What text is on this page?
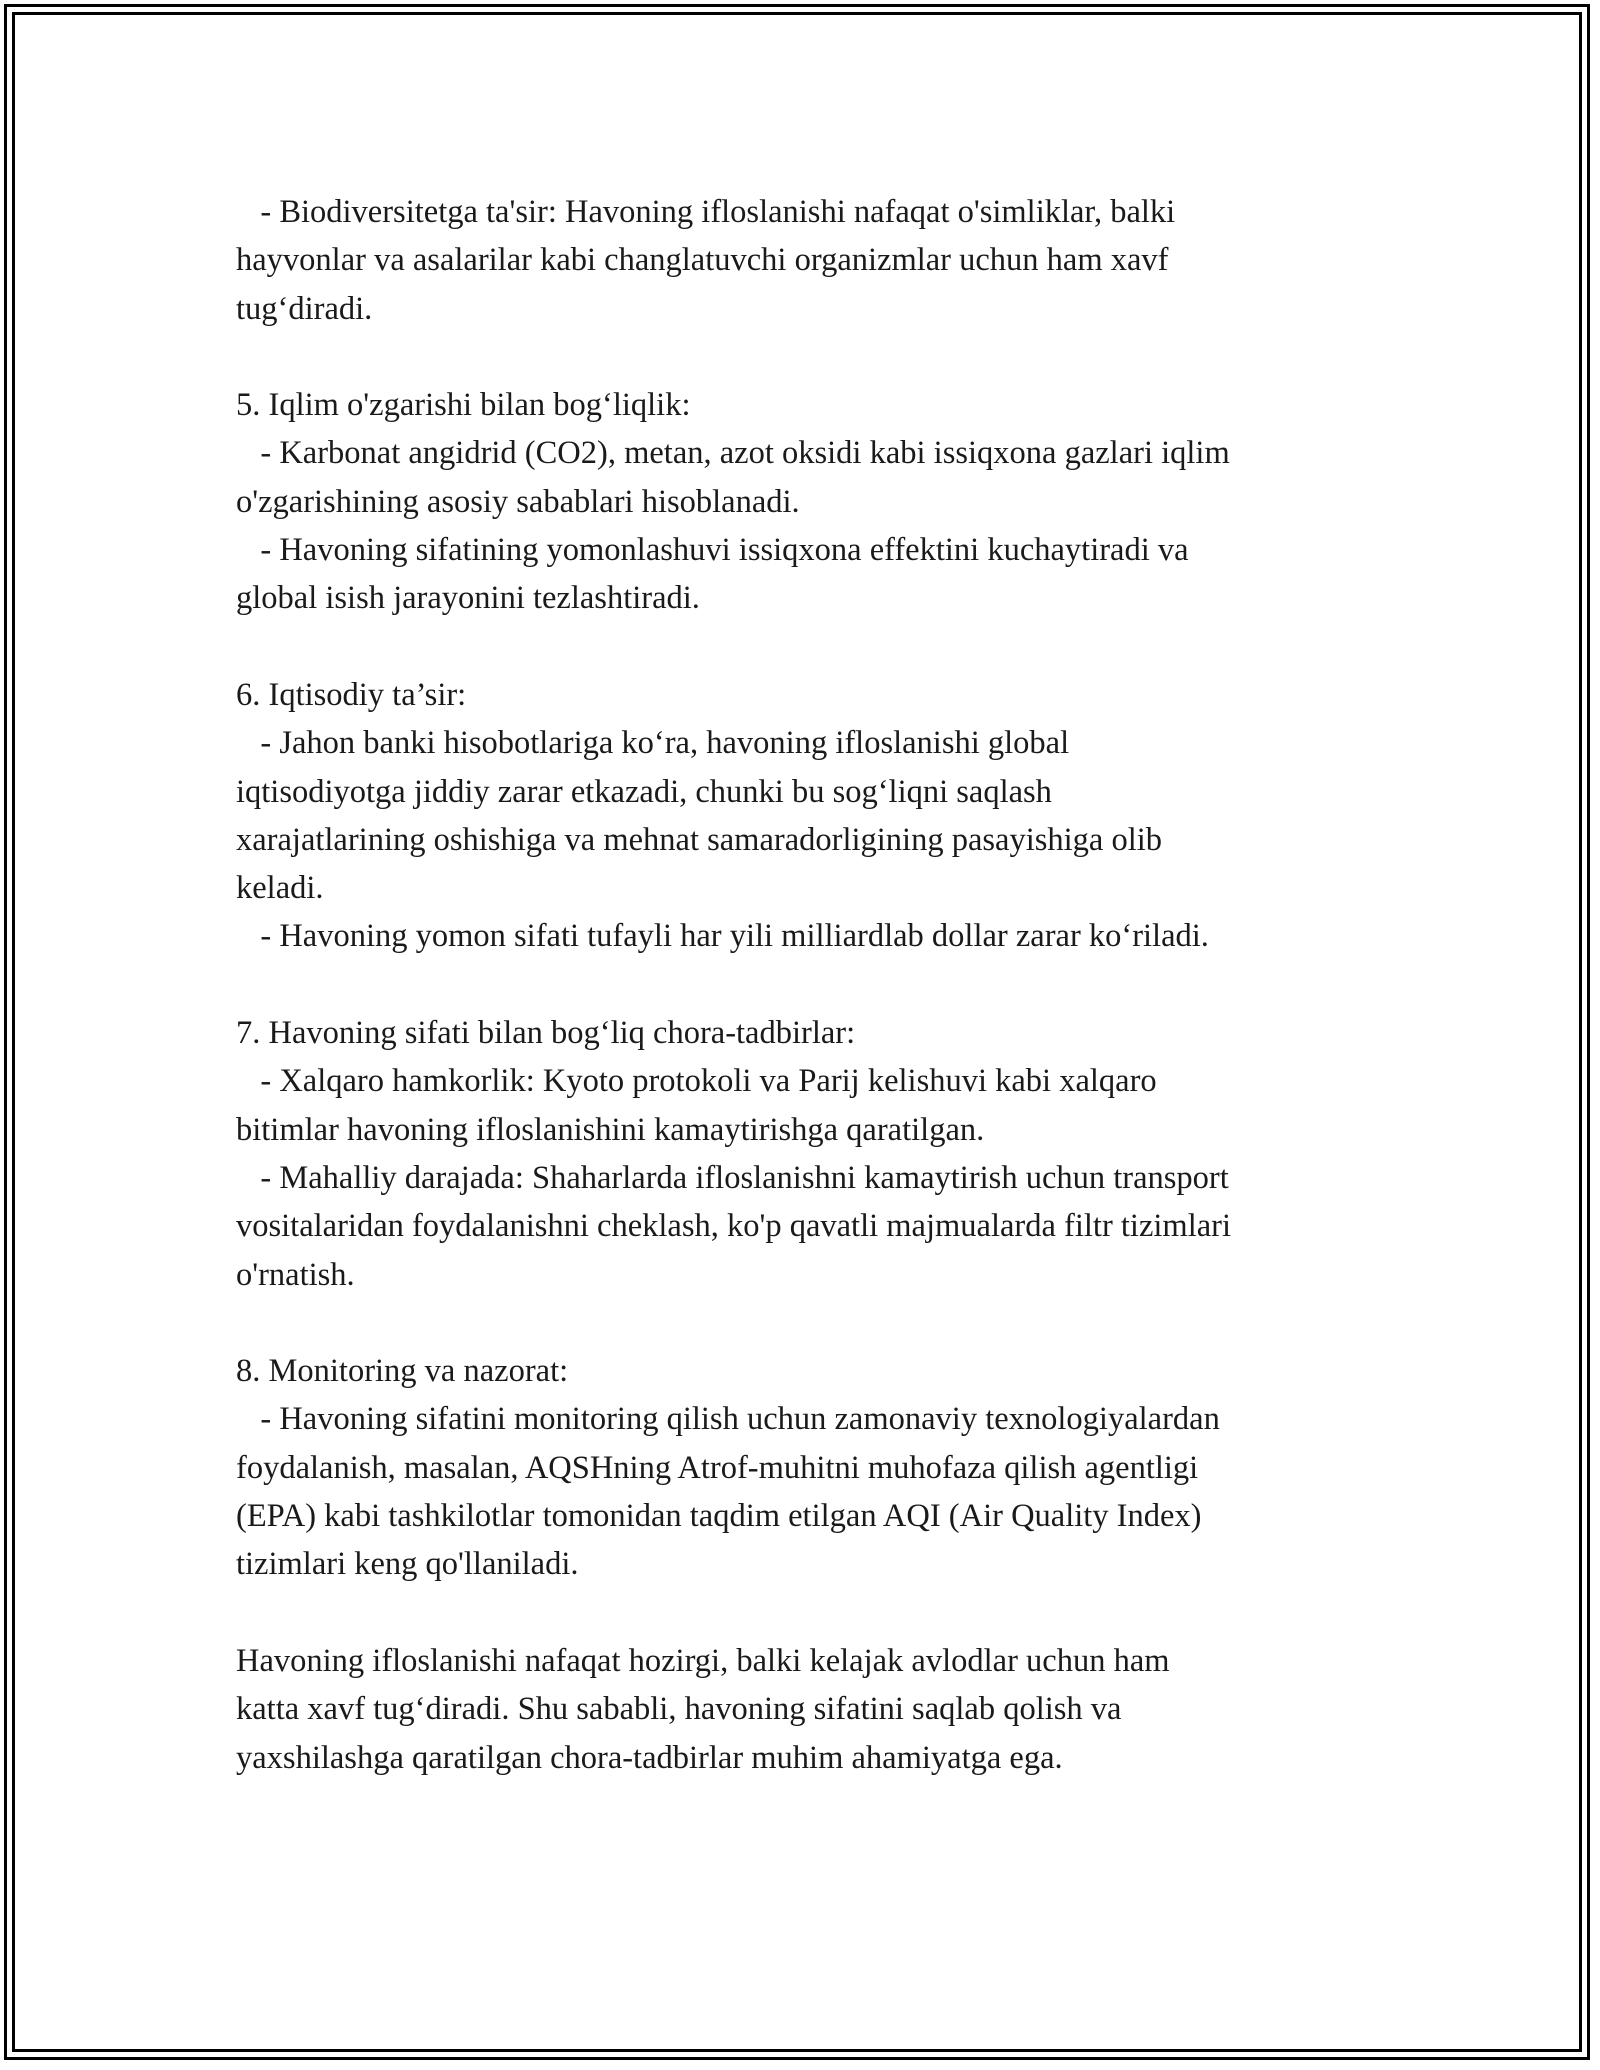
- Biodiversitetga ta'sir: Havoning ifloslanishi nafaqat o'simliklar, balki
hayvonlar va asalarilar kabi changlatuvchi organizmlar uchun ham xavf
tug‘diradi.
5. Iqlim o'zgarishi bilan bog‘liqlik:
- Karbonat angidrid (CO2), metan, azot oksidi kabi issiqxona gazlari iqlim
o'zgarishining asosiy sabablari hisoblanadi.
- Havoning sifatining yomonlashuvi issiqxona effektini kuchaytiradi va
global isish jarayonini tezlashtiradi.
6. Iqtisodiy ta’sir:
- Jahon banki hisobotlariga ko‘ra, havoning ifloslanishi global
iqtisodiyotga jiddiy zarar etkazadi, chunki bu sog‘liqni saqlash
xarajatlarining oshishiga va mehnat samaradorligining pasayishiga olib
keladi.
- Havoning yomon sifati tufayli har yili milliardlab dollar zarar ko‘riladi.
7. Havoning sifati bilan bog‘liq chora-tadbirlar:
- Xalqaro hamkorlik: Kyoto protokoli va Parij kelishuvi kabi xalqaro
bitimlar havoning ifloslanishini kamaytirishga qaratilgan.
- Mahalliy darajada: Shaharlarda ifloslanishni kamaytirish uchun transport
vositalaridan foydalanishni cheklash, ko'p qavatli majmualarda filtr tizimlari
o'rnatish.
8. Monitoring va nazorat:
- Havoning sifatini monitoring qilish uchun zamonaviy texnologiyalardan
foydalanish, masalan, AQSHning Atrof-muhitni muhofaza qilish agentligi
(EPA) kabi tashkilotlar tomonidan taqdim etilgan AQI (Air Quality Index)
tizimlari keng qo'llaniladi.
Havoning ifloslanishi nafaqat hozirgi, balki kelajak avlodlar uchun ham
katta xavf tug‘diradi. Shu sababli, havoning sifatini saqlab qolish va
yaxshilashga qaratilgan chora-tadbirlar muhim ahamiyatga ega.
